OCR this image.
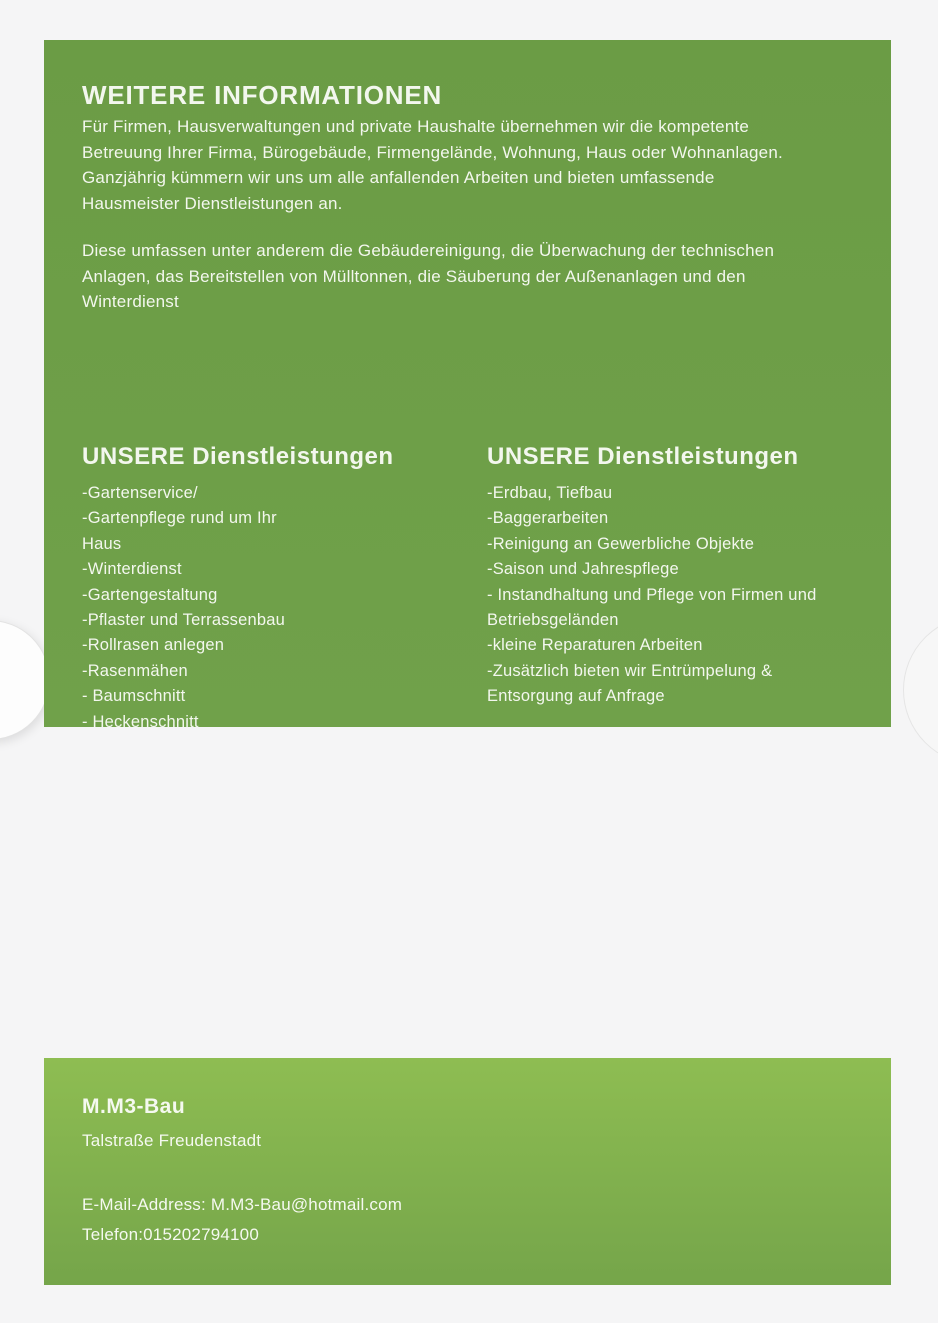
WEITERE INFORMATIONEN
Für Firmen, Hausverwaltungen und private Haushalte übernehmen wir die kompetente
Betreuung Ihrer Firma, Bürogebäude, Firmengelände, Wohnung, Haus oder Wohnanlagen.
Ganzjährig kümmern wir uns um alle anfallenden Arbeiten und bieten umfassende
Hausmeister Dienstleistungen an.
Diese umfassen unter anderem die Gebäudereinigung, die Überwachung der technischen
Anlagen, das Bereitstellen von Mülltonnen, die Säuberung der Außenanlagen und den
Winterdienst
UNSERE Dienstleistungen	UNSERE Dienstleistungen
-Gartenservice/
-Gartenpflege rund um Ihr
Haus
-Winterdienst
-Gartengestaltung
-Pflaster und Terrassenbau
-Rollrasen anlegen
-Rasenmähen
- Baumschnitt
- Heckenschnitt
-Erdbau, Tiefbau
-Baggerarbeiten
-Reinigung an Gewerbliche Objekte
-Saison und Jahrespflege
- Instandhaltung und Pflege von Firmen und
Betriebsgeländen
-kleine Reparaturen Arbeiten
-Zusätzlich bieten wir Entrümpelung &
Entsorgung auf Anfrage
M.M3-Bau
Talstraße Freudenstadt
E-Mail-Address: M.M3-Bau@hotmail.com
Telefon:015202794100
